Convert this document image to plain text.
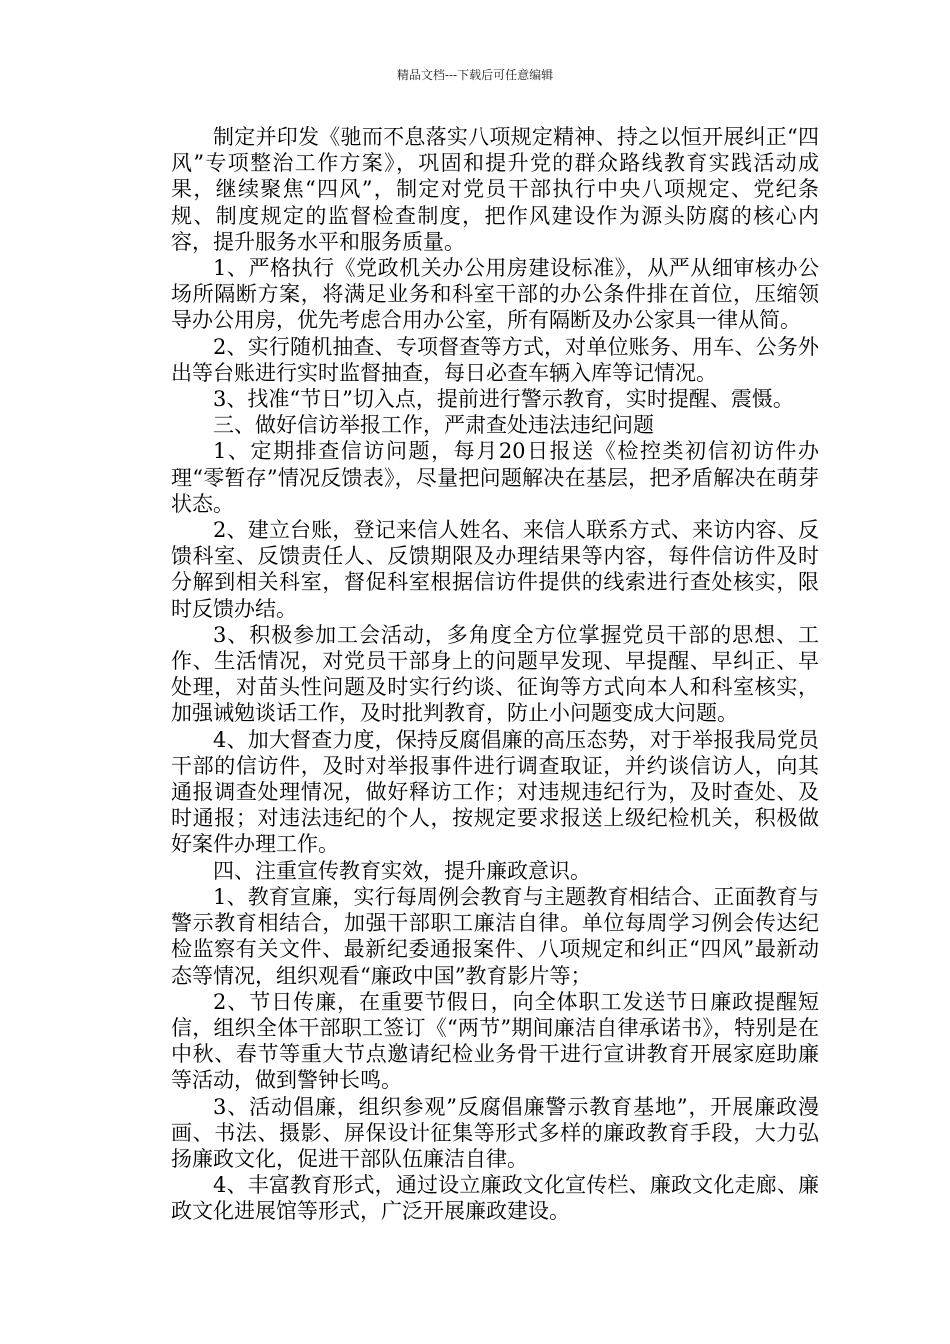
精品文档---下载后可任意编辑

制定并印发《驰而不息落实八项规定精神、持之以恒开展纠正“四风”专项整治工作方案》，巩固和提升党的群众路线教育实践活动成果，继续聚焦“四风”，制定对党员干部执行中央八项规定、党纪条规、制度规定的监督检查制度，把作风建设作为源头防腐的核心内容，提升服务水平和服务质量。

1、严格执行《党政机关办公用房建设标准》，从严从细审核办公场所隔断方案，将满足业务和科室干部的办公条件排在首位，压缩领导办公用房，优先考虑合用办公室，所有隔断及办公家具一律从简。

2、实行随机抽查、专项督查等方式，对单位账务、用车、公务外出等台账进行实时监督抽查，每日必查车辆入库等记情况。

3、找准“节日”切入点，提前进行警示教育，实时提醒、震慑。

三、做好信访举报工作，严肃查处违法违纪问题

1、定期排查信访问题，每月20日报送《检控类初信初访件办理“零暂存”情况反馈表》，尽量把问题解决在基层，把矛盾解决在萌芽状态。

2、建立台账，登记来信人姓名、来信人联系方式、来访内容、反馈科室、反馈责任人、反馈期限及办理结果等内容，每件信访件及时分解到相关科室，督促科室根据信访件提供的线索进行查处核实，限时反馈办结。

3、积极参加工会活动，多角度全方位掌握党员干部的思想、工作、生活情况，对党员干部身上的问题早发现、早提醒、早纠正、早处理，对苗头性问题及时实行约谈、征询等方式向本人和科室核实，加强诫勉谈话工作，及时批判教育，防止小问题变成大问题。

4、加大督查力度，保持反腐倡廉的高压态势，对于举报我局党员干部的信访件，及时对举报事件进行调查取证，并约谈信访人，向其通报调查处理情况，做好释访工作；对违规违纪行为，及时查处、及时通报；对违法违纪的个人，按规定要求报送上级纪检机关，积极做好案件办理工作。

四、注重宣传教育实效，提升廉政意识。

1、教育宣廉，实行每周例会教育与主题教育相结合、正面教育与警示教育相结合，加强干部职工廉洁自律。单位每周学习例会传达纪检监察有关文件、最新纪委通报案件、八项规定和纠正“四风”最新动态等情况，组织观看“廉政中国”教育影片等；

2、节日传廉，在重要节假日，向全体职工发送节日廉政提醒短信，组织全体干部职工签订《“两节”期间廉洁自律承诺书》，特别是在中秋、春节等重大节点邀请纪检业务骨干进行宣讲教育开展家庭助廉等活动，做到警钟长鸣。

3、活动倡廉，组织参观”反腐倡廉警示教育基地”，开展廉政漫画、书法、摄影、屏保设计征集等形式多样的廉政教育手段，大力弘扬廉政文化，促进干部队伍廉洁自律。

4、丰富教育形式，通过设立廉政文化宣传栏、廉政文化走廊、廉政文化进展馆等形式，广泛开展廉政建设。
